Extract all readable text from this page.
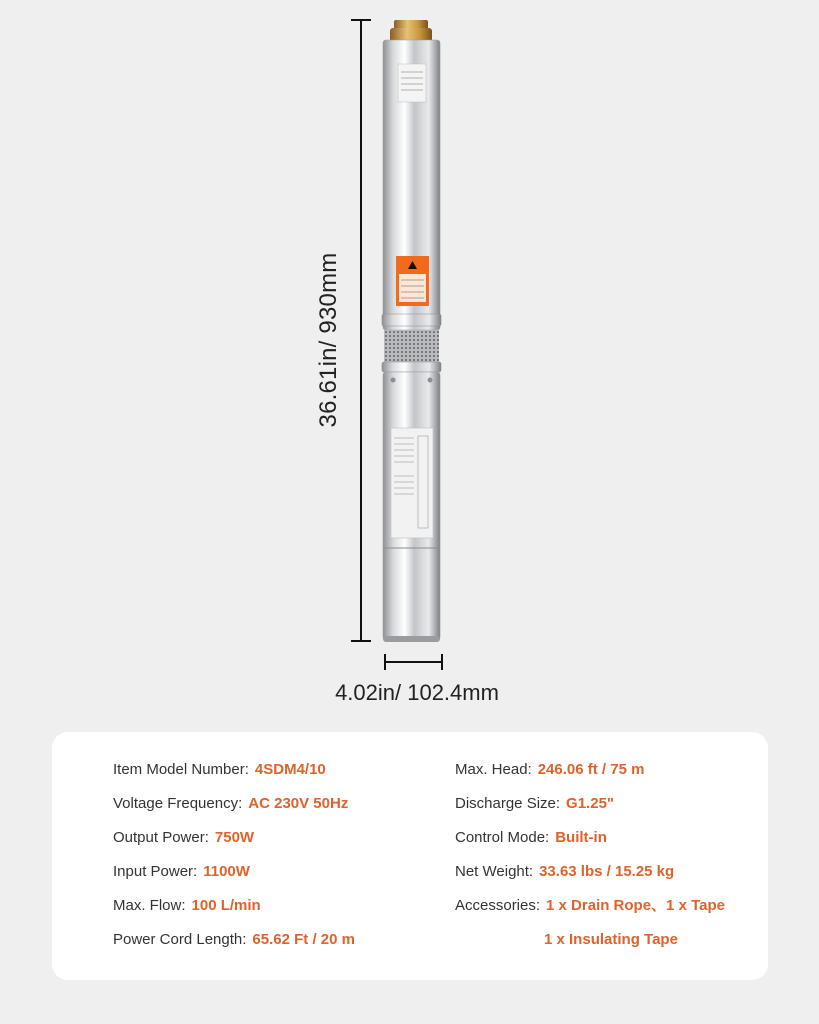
36.61in/ 930mm
4.02in/ 102.4mm
Item Model Number: 4SDM4/10
Voltage Frequency: AC 230V 50Hz
Output Power: 750W
Input Power: 1100W
Max. Flow: 100 L/min
Power Cord Length: 65.62 Ft / 20 m
Max. Head: 246.06 ft / 75 m
Discharge Size: G1.25"
Control Mode: Built-in
Net Weight: 33.63 lbs / 15.25 kg
Accessories: 1 x Drain Rope、1 x Tape
1 x Insulating Tape
